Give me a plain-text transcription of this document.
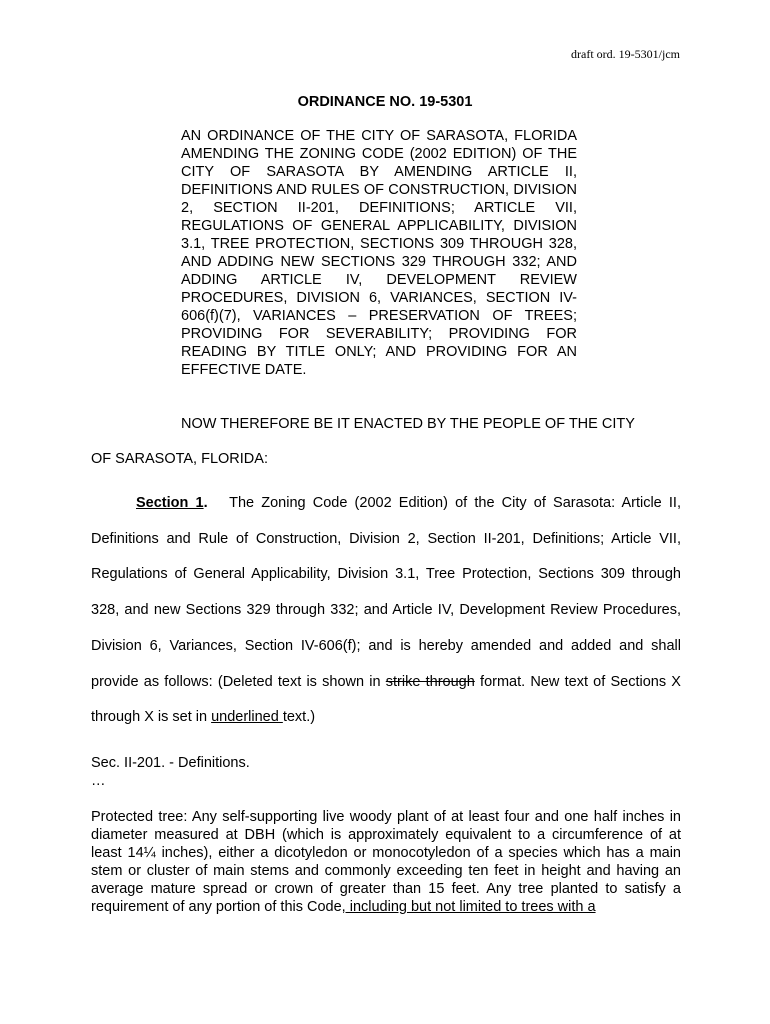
draft ord. 19-5301/jcm
ORDINANCE NO. 19-5301
AN ORDINANCE OF THE CITY OF SARASOTA, FLORIDA AMENDING THE ZONING CODE (2002 EDITION) OF THE CITY OF SARASOTA BY AMENDING ARTICLE II, DEFINITIONS AND RULES OF CONSTRUCTION, DIVISION 2, SECTION II-201, DEFINITIONS; ARTICLE VII, REGULATIONS OF GENERAL APPLICABILITY, DIVISION 3.1, TREE PROTECTION, SECTIONS 309 THROUGH 328, AND ADDING NEW SECTIONS 329 THROUGH 332; AND ADDING ARTICLE IV, DEVELOPMENT REVIEW PROCEDURES, DIVISION 6, VARIANCES, SECTION IV-606(f)(7), VARIANCES – PRESERVATION OF TREES; PROVIDING FOR SEVERABILITY; PROVIDING FOR READING BY TITLE ONLY; AND PROVIDING FOR AN EFFECTIVE DATE.
NOW THEREFORE BE IT ENACTED BY THE PEOPLE OF THE CITY
OF SARASOTA, FLORIDA:
Section 1. The Zoning Code (2002 Edition) of the City of Sarasota: Article II, Definitions and Rule of Construction, Division 2, Section II-201, Definitions; Article VII, Regulations of General Applicability, Division 3.1, Tree Protection, Sections 309 through 328, and new Sections 329 through 332; and Article IV, Development Review Procedures, Division 6, Variances, Section IV-606(f); and is hereby amended and added and shall provide as follows: (Deleted text is shown in strike through format. New text of Sections X through X is set in underlined text.)
Sec. II-201. - Definitions.
…
Protected tree: Any self-supporting live woody plant of at least four and one half inches in diameter measured at DBH (which is approximately equivalent to a circumference of at least 14¼ inches), either a dicotyledon or monocotyledon of a species which has a main stem or cluster of main stems and commonly exceeding ten feet in height and having an average mature spread or crown of greater than 15 feet. Any tree planted to satisfy a requirement of any portion of this Code, including but not limited to trees with a
